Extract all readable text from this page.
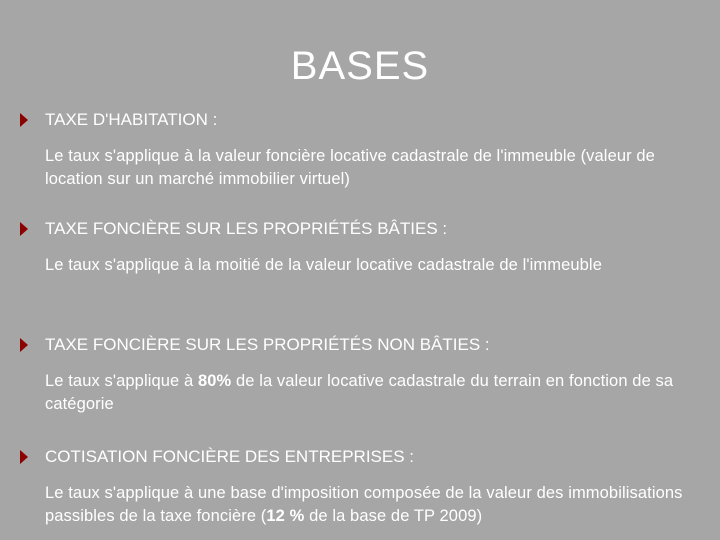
BASES
TAXE D'HABITATION :
Le taux s'applique à la valeur foncière locative cadastrale de l'immeuble (valeur de location sur un marché immobilier virtuel)
TAXE FONCIÈRE SUR LES PROPRIÉTÉS BÂTIES :
Le taux s'applique à la moitié de la valeur locative cadastrale de l'immeuble
TAXE FONCIÈRE SUR LES PROPRIÉTÉS NON BÂTIES :
Le taux s'applique à 80% de la valeur locative cadastrale du terrain en fonction de sa catégorie
COTISATION FONCIÈRE DES ENTREPRISES :
Le taux s'applique à une base d'imposition composée de la valeur des immobilisations passibles de la taxe foncière (12 % de la base de TP 2009)
